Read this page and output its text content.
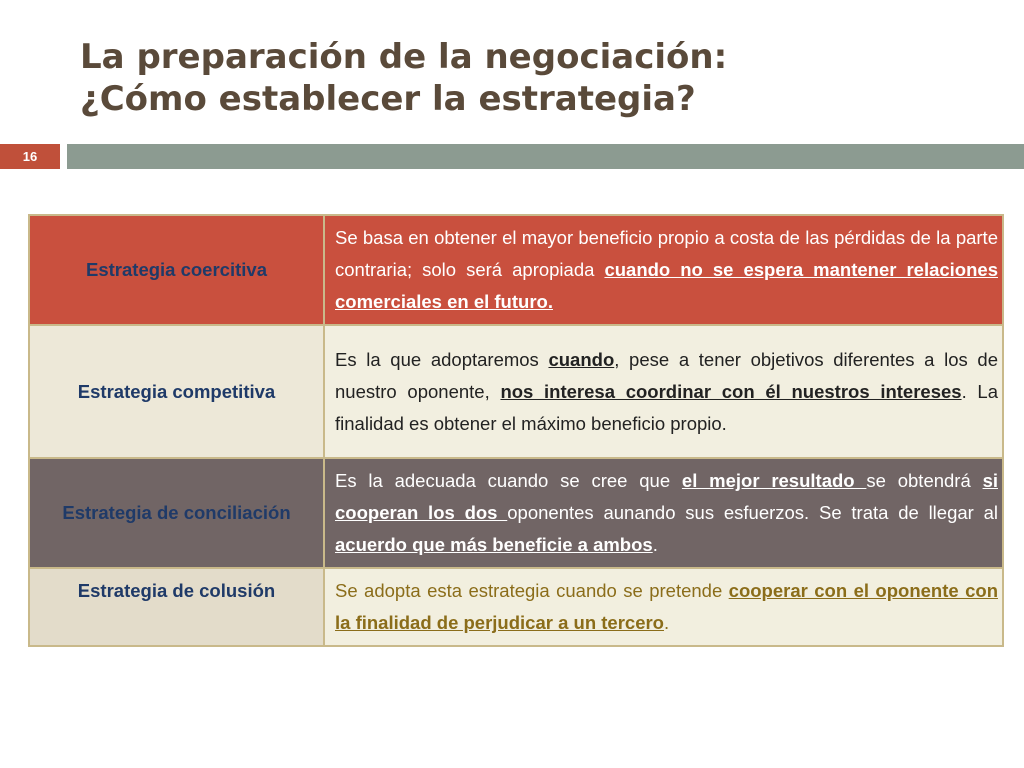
La preparación de la negociación:
¿Cómo establecer la estrategia?
16
Estrategia coercitiva	Se basa en obtener el mayor beneficio propio a costa de las pérdidas de la parte contraria; solo será apropiada cuando no se espera mantener relaciones comerciales en el futuro.
Estrategia competitiva	Es la que adoptaremos cuando, pese a tener objetivos diferentes a los de nuestro oponente, nos interesa coordinar con él nuestros intereses. La finalidad es obtener el máximo beneficio propio.
Estrategia de conciliación	Es la adecuada cuando se cree que el mejor resultado se obtendrá si cooperan los dos oponentes aunando sus esfuerzos. Se trata de llegar al acuerdo que más beneficie a ambos.
Estrategia de colusión	Se adopta esta estrategia cuando se pretende cooperar con el oponente con la finalidad de perjudicar a un tercero.
